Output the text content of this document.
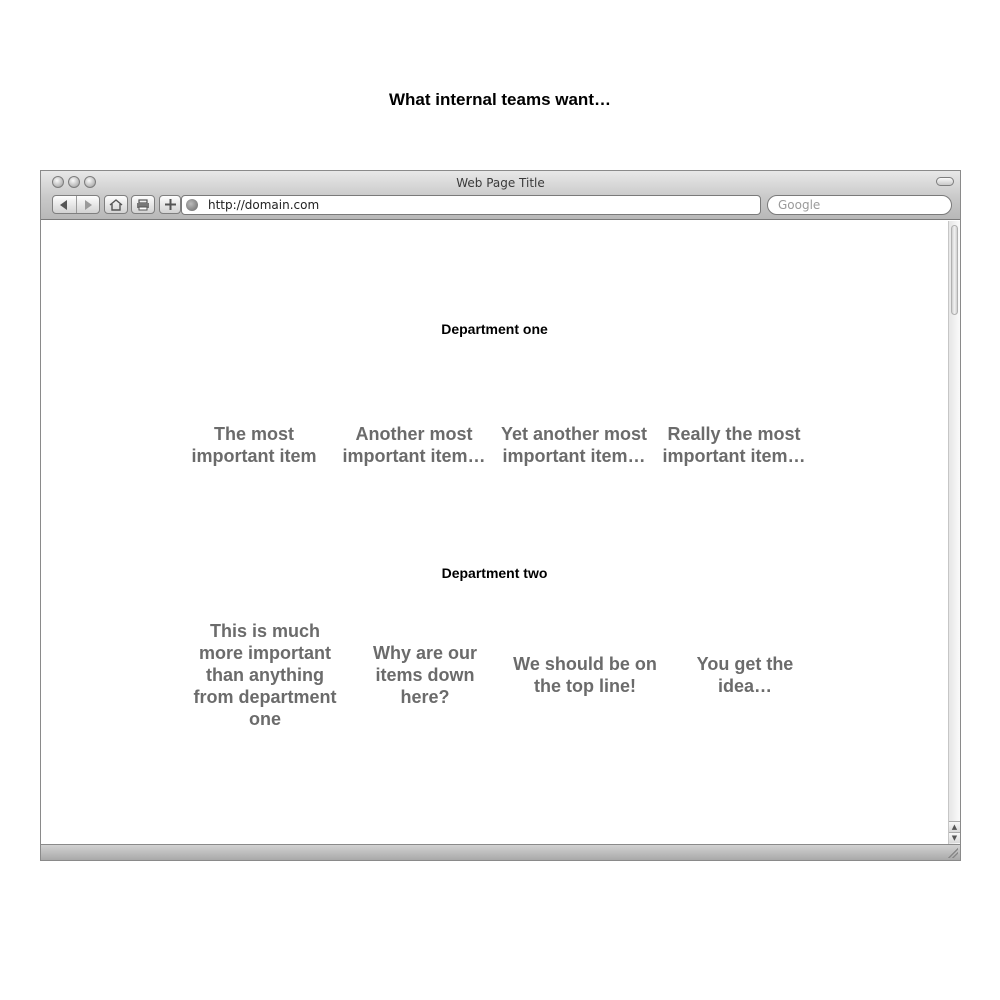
What internal teams want…
Web Page Title
http://domain.com	Google
Department one
The most important item
Another most important item…
Yet another most important item…
Really the most important item…
Department two
This is much more important than anything from department one
Why are our items down here?
We should be on the top line!
You get the idea…
▲
▼
